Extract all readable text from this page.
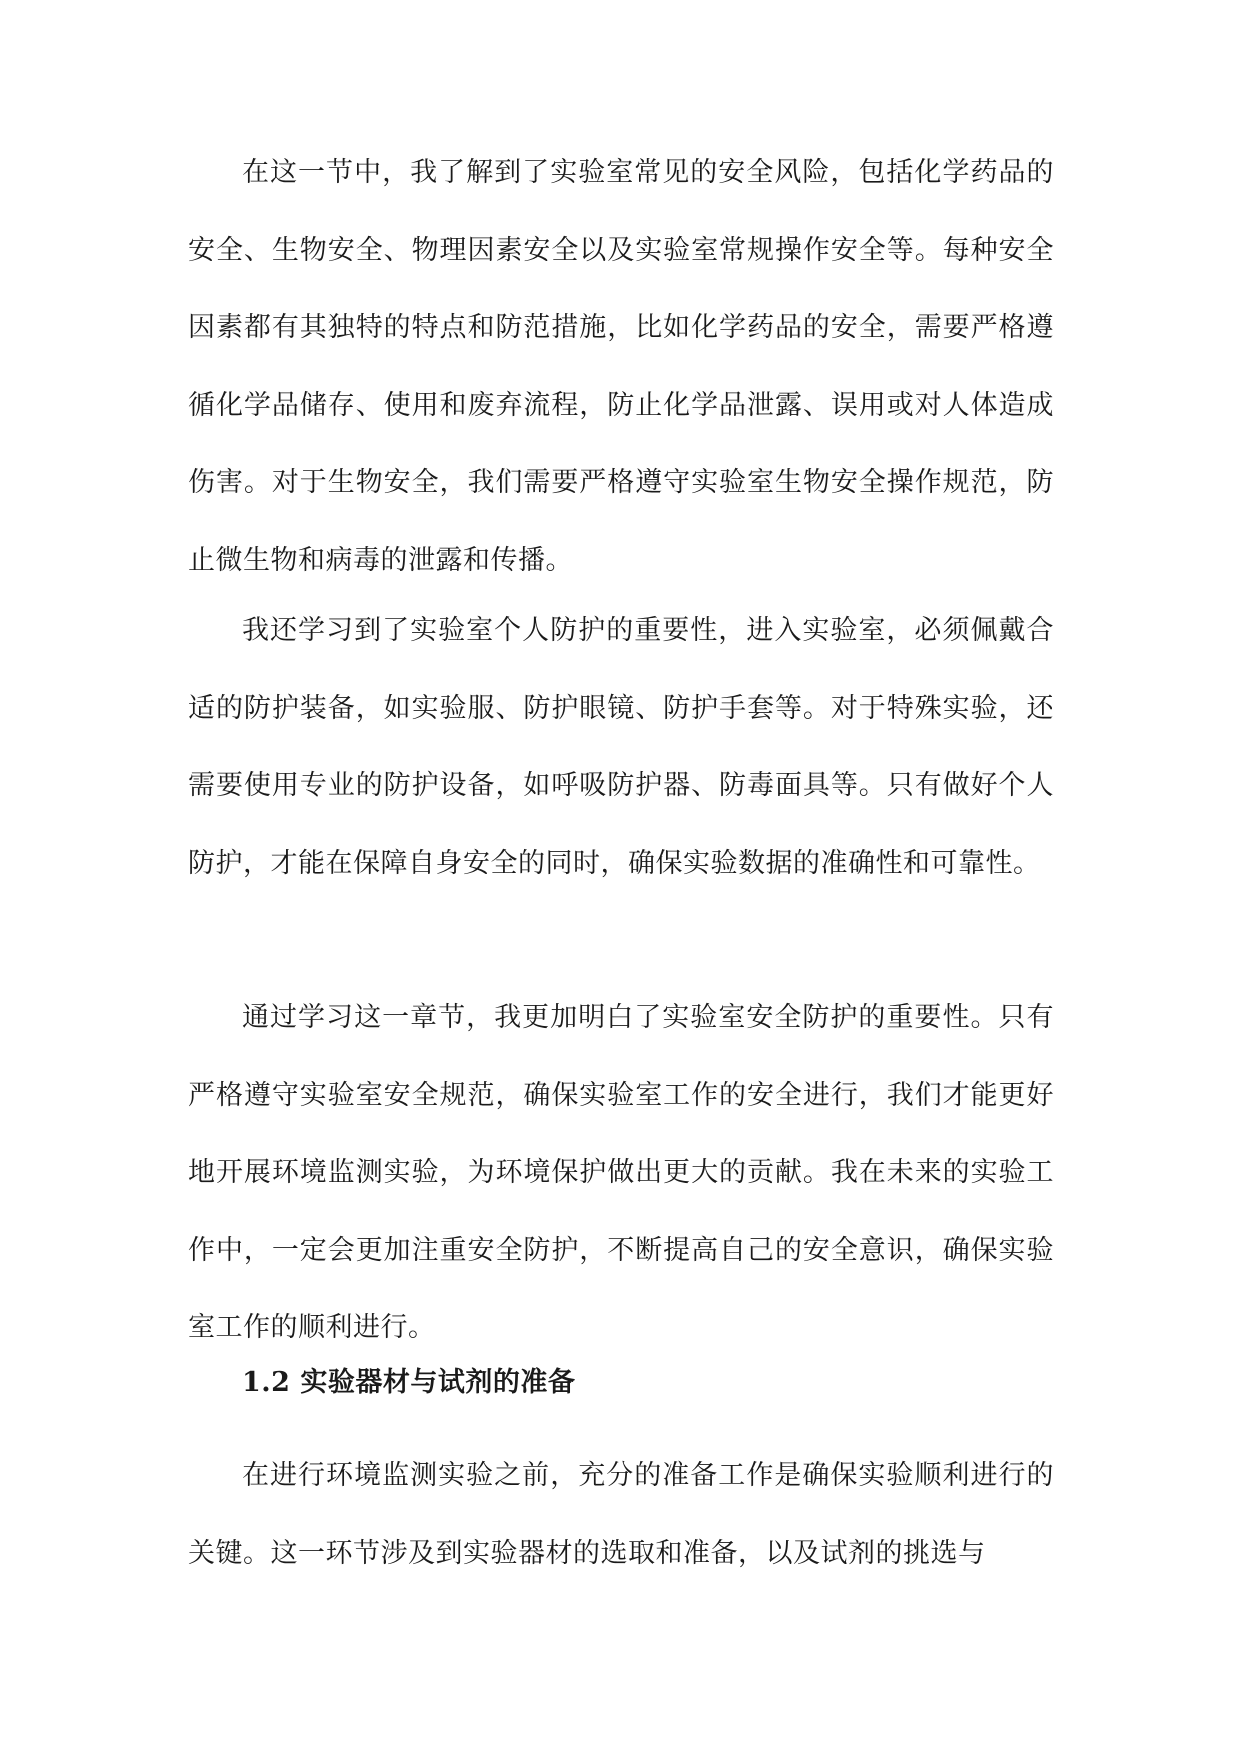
在这一节中，我了解到了实验室常见的安全风险，包括化学药品的安全、生物安全、物理因素安全以及实验室常规操作安全等。每种安全因素都有其独特的特点和防范措施，比如化学药品的安全，需要严格遵循化学品储存、使用和废弃流程，防止化学品泄露、误用或对人体造成伤害。对于生物安全，我们需要严格遵守实验室生物安全操作规范，防止微生物和病毒的泄露和传播。

我还学习到了实验室个人防护的重要性，进入实验室，必须佩戴合适的防护装备，如实验服、防护眼镜、防护手套等。对于特殊实验，还需要使用专业的防护设备，如呼吸防护器、防毒面具等。只有做好个人防护，才能在保障自身安全的同时，确保实验数据的准确性和可靠性。

通过学习这一章节，我更加明白了实验室安全防护的重要性。只有严格遵守实验室安全规范，确保实验室工作的安全进行，我们才能更好地开展环境监测实验，为环境保护做出更大的贡献。我在未来的实验工作中，一定会更加注重安全防护，不断提高自己的安全意识，确保实验室工作的顺利进行。

1.2 实验器材与试剂的准备

在进行环境监测实验之前，充分的准备工作是确保实验顺利进行的关键。这一环节涉及到实验器材的选取和准备，以及试剂的挑选与
